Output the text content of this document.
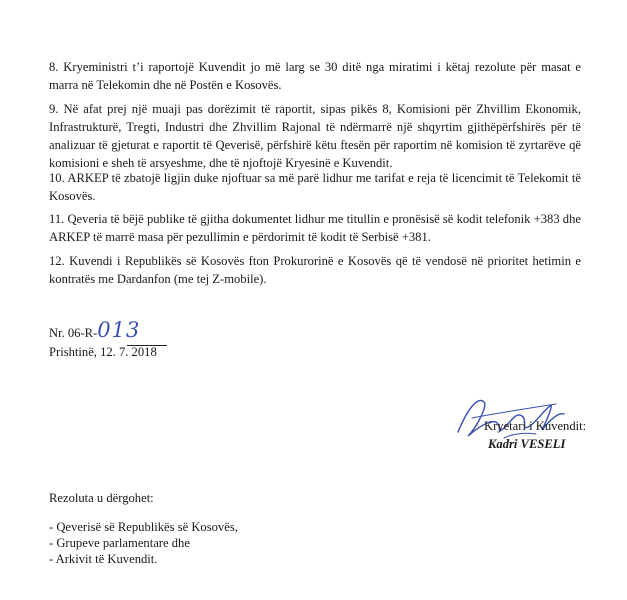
8. Kryeministri t’i raportojë Kuvendit jo më larg se 30 ditë nga miratimi i këtaj rezolute për masat e marra në Telekomin dhe në Postën e Kosovës.

9. Në afat prej një muaji pas dorëzimit të raportit, sipas pikës 8, Komisioni për Zhvillim Ekonomik, Infrastrukturë, Tregti, Industri dhe Zhvillim Rajonal të ndërmarrë një shqyrtim gjithëpërfshirës për të analizuar të gjeturat e raportit të Qeverisë, përfshirë këtu ftesën për raportim në komision të zyrtarëve që komisioni e sheh të arsyeshme, dhe të njoftojë Kryesinë e Kuvendit.

10. ARKEP të zbatojë ligjin duke njoftuar sa më parë lidhur me tarifat e reja të licencimit të Telekomit të Kosovës.

11. Qeveria të bëjë publike të gjitha dokumentet lidhur me titullin e pronësisë së kodit telefonik +383 dhe ARKEP të marrë masa për pezullimin e përdorimit të kodit të Serbisë +381.

12. Kuvendi i Republikës së Kosovës fton Prokurorinë e Kosovës që të vendosë në prioritet hetimin e kontratës me Dardanfon (me tej Z-mobile).

Nr. 06-R-013
Prishtinë, 12. 7. 2018
Kryetari i Kuvendit:
Kadri VESELI
Rezoluta u dërgohet:
- Qeverisë së Republikës së Kosovës,
- Grupeve parlamentare dhe
- Arkivit të Kuvendit.
